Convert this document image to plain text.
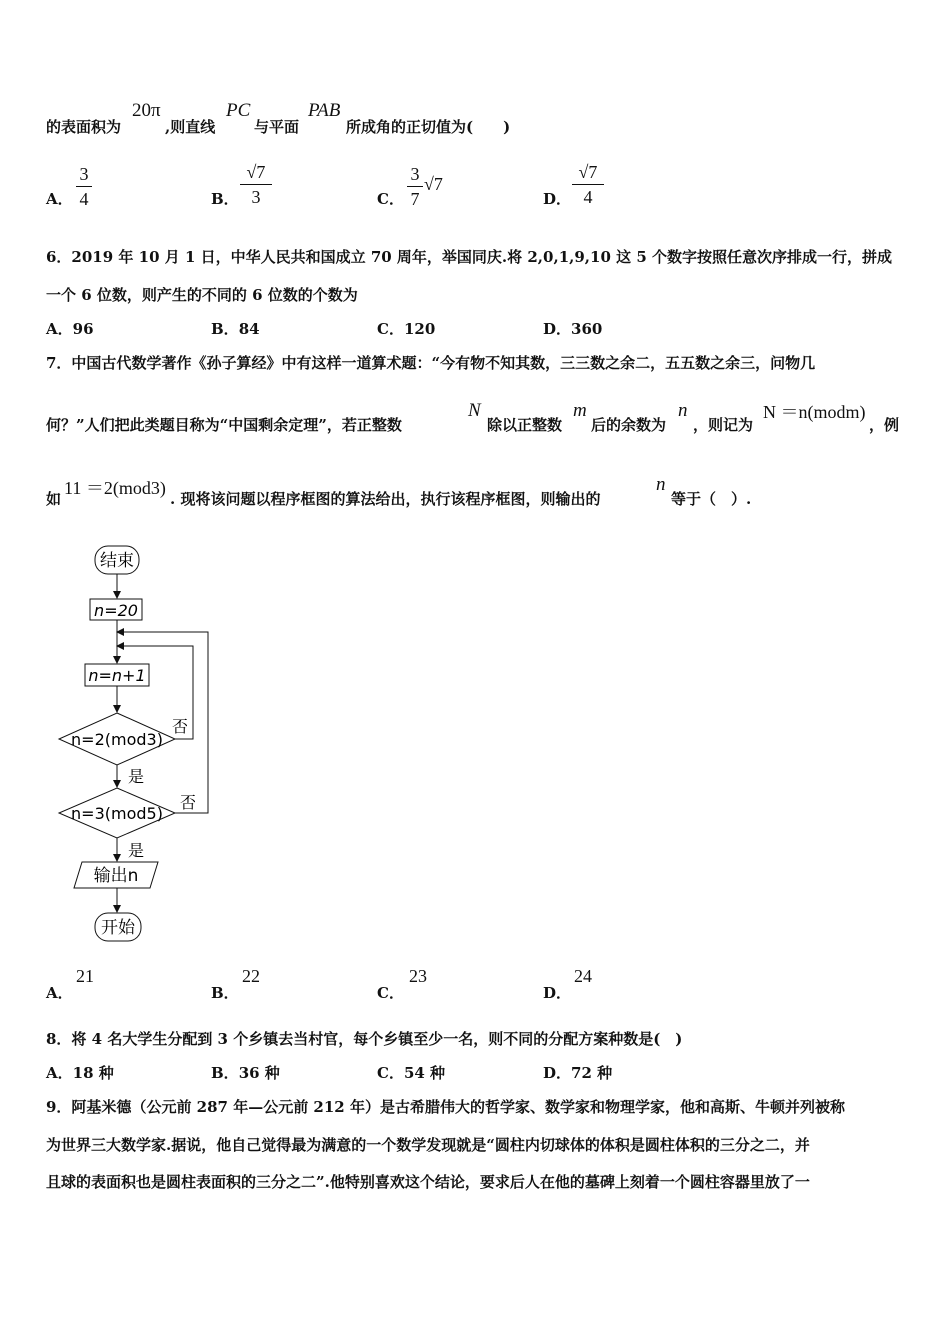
的表面积为
20π
,则直线
PC
与平面
PAB
所成角的正切值为(　　)
A．
3
4	B．
√7
3	C．
3
7
√7
D．
√7
4
6．2019 年 10 月 1 日，中华人民共和国成立 70 周年，举国同庆.将 2,0,1,9,10 这 5 个数字按照任意次序排成一行，拼成
一个 6 位数，则产生的不同的 6 位数的个数为
A．96	B．84	C．120	D．360
7．中国古代数学著作《孙子算经》中有这样一道算术题：“今有物不知其数，三三数之余二，五五数之余三，问物几
何？”人们把此类题目称为“中国剩余定理”，若正整数
N
除以正整数
m
后的余数为
n
，则记为
N ＝n(modm)
，例
如
11 ＝2(mod3)
. 现将该问题以程序框图的算法给出，执行该程序框图，则输出的
n
等于（　）.
结束
n=20
n=n+1
n=2(mod3)
否
是
n=3(mod5)
否
是
输出n
开始
A．
21
B．
22
C．
23
D．
24
8．将 4 名大学生分配到 3 个乡镇去当村官，每个乡镇至少一名，则不同的分配方案种数是(　)
A．18 种	B．36 种	C．54 种	D．72 种
9．阿基米德（公元前 287 年—公元前 212 年）是古希腊伟大的哲学家、数学家和物理学家，他和高斯、牛顿并列被称
为世界三大数学家.据说，他自己觉得最为满意的一个数学发现就是“圆柱内切球体的体积是圆柱体积的三分之二，并
且球的表面积也是圆柱表面积的三分之二”.他特别喜欢这个结论，要求后人在他的墓碑上刻着一个圆柱容器里放了一
